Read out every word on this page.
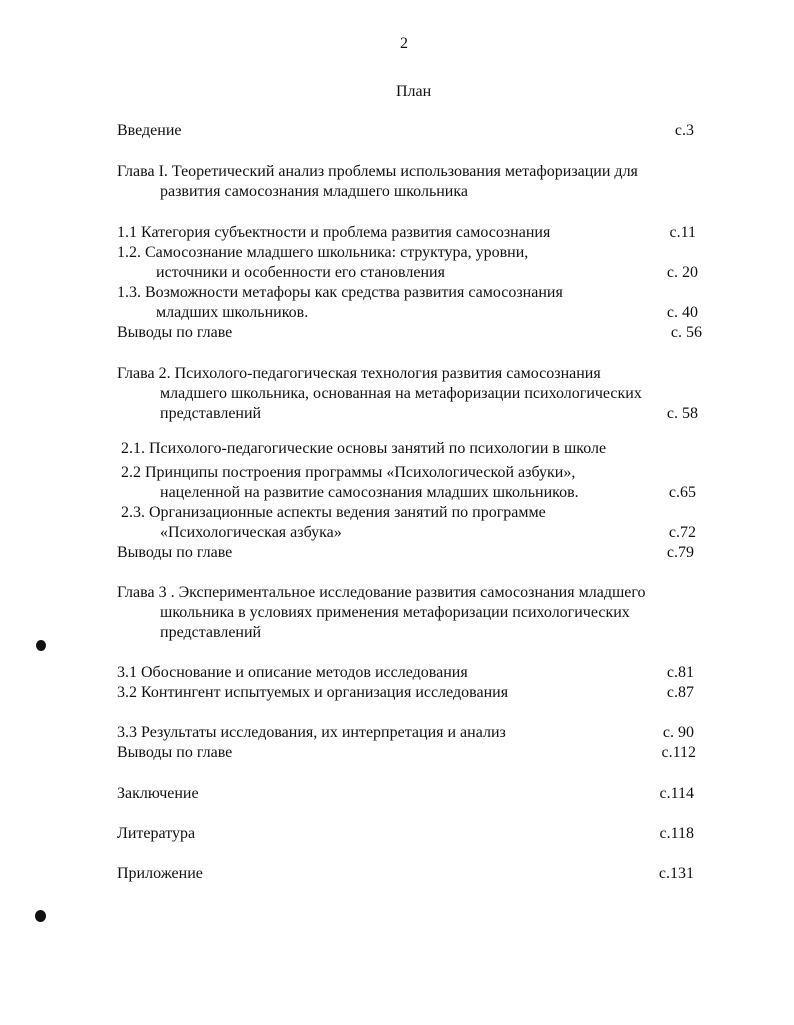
2
План
Введение	с.3
Глава I. Теоретический анализ проблемы использования метафоризации для
развития самосознания младшего школьника
1.1 Категория субъектности и проблема развития самосознания	с.11
1.2. Самосознание младшего школьника: структура, уровни,
источники и особенности его становления	с. 20
1.3. Возможности метафоры как средства развития самосознания
младших школьников.	с. 40
Выводы по главе	с. 56
Глава 2. Психолого-педагогическая технология развития самосознания
младшего школьника, основанная на метафоризации психологических
представлений	с. 58
2.1. Психолого-педагогические основы занятий по психологии в школе
2.2 Принципы построения программы «Психологической азбуки»,
нацеленной на развитие самосознания младших школьников.	с.65
2.3. Организационные аспекты ведения занятий по программе
«Психологическая азбука»	с.72
Выводы по главе	с.79
Глава 3 . Экспериментальное исследование развития самосознания младшего
школьника в условиях применения метафоризации психологических
представлений
3.1 Обоснование и описание методов исследования	с.81
3.2 Контингент испытуемых и организация исследования	с.87
3.3 Результаты исследования, их интерпретация и анализ	с. 90
Выводы по главе	с.112
Заключение	с.114
Литература	с.118
Приложение	с.131
